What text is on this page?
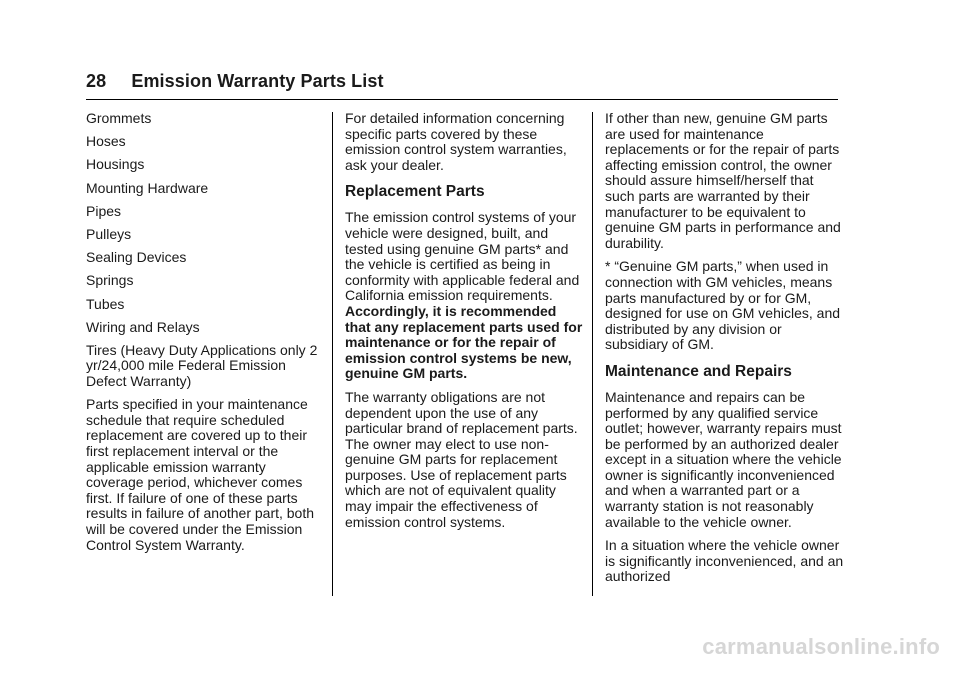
28 Emission Warranty Parts List

Grommets

Hoses

Housings

Mounting Hardware

Pipes

Pulleys

Sealing Devices

Springs

Tubes

Wiring and Relays

Tires (Heavy Duty Applications only 2 yr/24,000 mile Federal Emission Defect Warranty)

Parts specified in your maintenance schedule that require scheduled replacement are covered up to their first replacement interval or the applicable emission warranty coverage period, whichever comes first. If failure of one of these parts results in failure of another part, both will be covered under the Emission Control System Warranty.

For detailed information concerning specific parts covered by these emission control system warranties, ask your dealer.

Replacement Parts

The emission control systems of your vehicle were designed, built, and tested using genuine GM parts* and the vehicle is certified as being in conformity with applicable federal and California emission requirements. Accordingly, it is recommended that any replacement parts used for maintenance or for the repair of emission control systems be new, genuine GM parts.

The warranty obligations are not dependent upon the use of any particular brand of replacement parts. The owner may elect to use non-genuine GM parts for replacement purposes. Use of replacement parts which are not of equivalent quality may impair the effectiveness of emission control systems.

If other than new, genuine GM parts are used for maintenance replacements or for the repair of parts affecting emission control, the owner should assure himself/herself that such parts are warranted by their manufacturer to be equivalent to genuine GM parts in performance and durability.

* “Genuine GM parts,” when used in connection with GM vehicles, means parts manufactured by or for GM, designed for use on GM vehicles, and distributed by any division or subsidiary of GM.

Maintenance and Repairs

Maintenance and repairs can be performed by any qualified service outlet; however, warranty repairs must be performed by an authorized dealer except in a situation where the vehicle owner is significantly inconvenienced and when a warranted part or a warranty station is not reasonably available to the vehicle owner.

In a situation where the vehicle owner is significantly inconvenienced, and an authorized

carmanualsonline.info
